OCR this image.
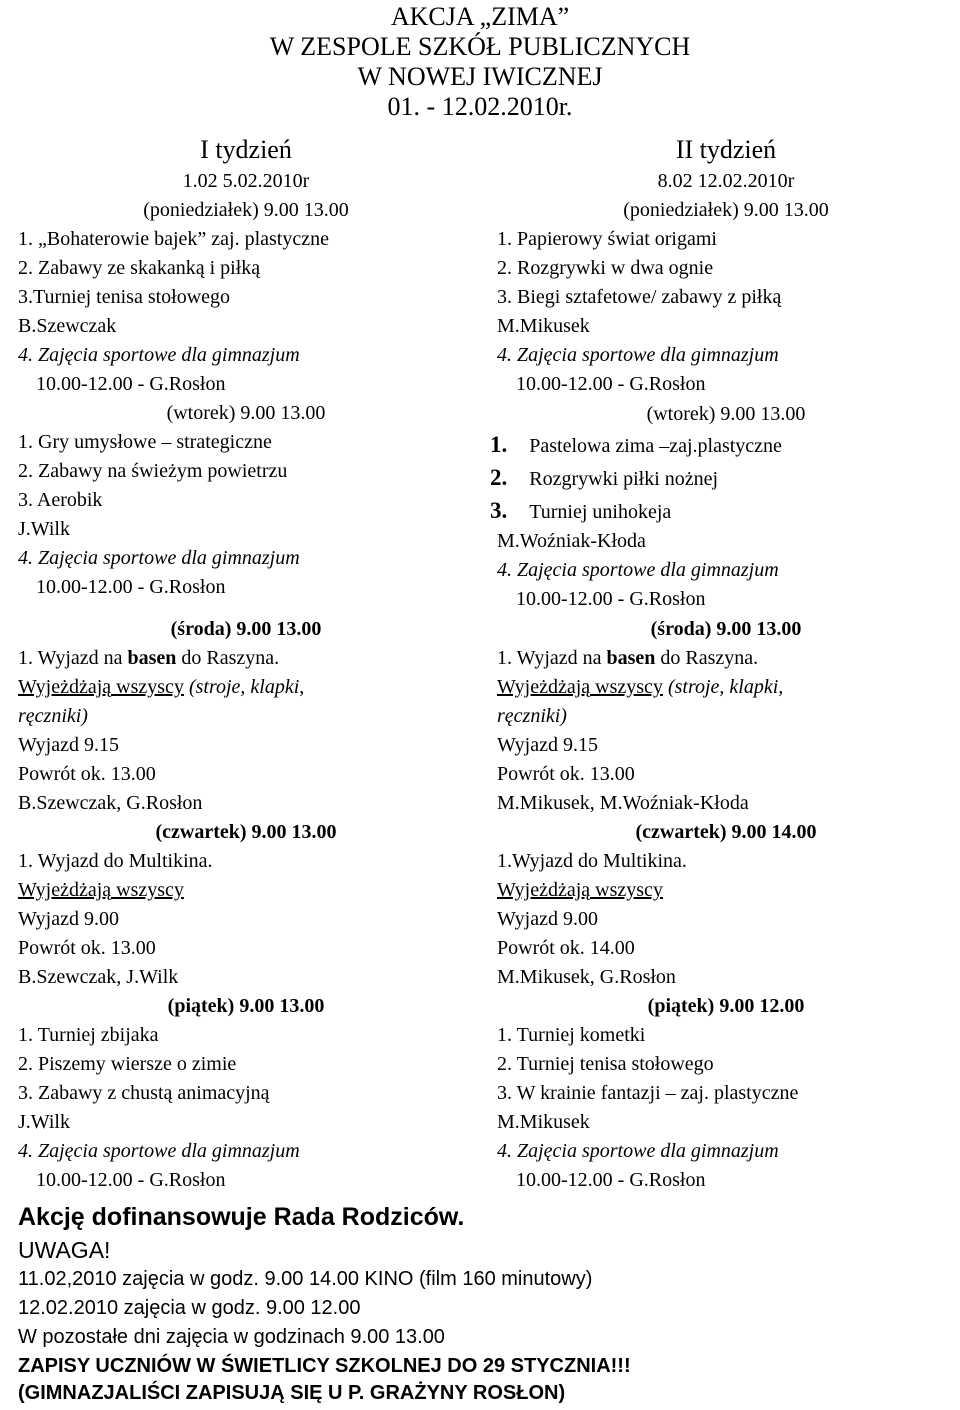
AKCJA „ZIMA”
W ZESPOLE SZKÓŁ PUBLICZNYCH
W NOWEJ IWICZNEJ
01. - 12.02.2010r.
I tydzień
1.02 5.02.2010r
(poniedziałek) 9.00 13.00
1. „Bohaterowie bajek” zaj. plastyczne
2. Zabawy ze skakanką i piłką
3.Turniej tenisa stołowego
B.Szewczak
4. Zajęcia sportowe dla gimnazjum
10.00-12.00 - G.Rosłon
(wtorek) 9.00 13.00
1. Gry umysłowe – strategiczne
2. Zabawy na świeżym powietrzu
3. Aerobik
J.Wilk
4. Zajęcia sportowe dla gimnazjum
10.00-12.00 - G.Rosłon
(środa) 9.00 13.00
1. Wyjazd na basen do Raszyna.
Wyjeżdżają wszyscy (stroje, klapki,
ręczniki)
Wyjazd 9.15
Powrót ok. 13.00
B.Szewczak, G.Rosłon
(czwartek) 9.00 13.00
1. Wyjazd do Multikina.
Wyjeżdżają wszyscy
Wyjazd 9.00
Powrót ok. 13.00
B.Szewczak, J.Wilk
(piątek) 9.00 13.00
1. Turniej zbijaka
2. Piszemy wiersze o zimie
3. Zabawy z chustą animacyjną
J.Wilk
4. Zajęcia sportowe dla gimnazjum
10.00-12.00 - G.Rosłon
II tydzień
8.02 12.02.2010r
(poniedziałek) 9.00 13.00
1. Papierowy świat origami
2. Rozgrywki w dwa ognie
3. Biegi sztafetowe/ zabawy z piłką
M.Mikusek
4. Zajęcia sportowe dla gimnazjum
10.00-12.00 - G.Rosłon
(wtorek) 9.00 13.00
1. Pastelowa zima –zaj.plastyczne
2. Rozgrywki piłki nożnej
3. Turniej unihokeja
M.Woźniak-Kłoda
4. Zajęcia sportowe dla gimnazjum
10.00-12.00 - G.Rosłon
(środa) 9.00 13.00
1. Wyjazd na basen do Raszyna.
Wyjeżdżają wszyscy (stroje, klapki,
ręczniki)
Wyjazd 9.15
Powrót ok. 13.00
M.Mikusek, M.Woźniak-Kłoda
(czwartek) 9.00 14.00
1.Wyjazd do Multikina.
Wyjeżdżają wszyscy
Wyjazd 9.00
Powrót ok. 14.00
M.Mikusek, G.Rosłon
(piątek) 9.00 12.00
1. Turniej kometki
2. Turniej tenisa stołowego
3. W krainie fantazji – zaj. plastyczne
M.Mikusek
4. Zajęcia sportowe dla gimnazjum
10.00-12.00 - G.Rosłon
Akcję dofinansowuje Rada Rodziców.
UWAGA!
11.02,2010 zajęcia w godz. 9.00 14.00 KINO (film 160 minutowy)
12.02.2010 zajęcia w godz. 9.00 12.00
W pozostałe dni zajęcia w godzinach 9.00 13.00
ZAPISY UCZNIÓW W ŚWIETLICY SZKOLNEJ DO 29 STYCZNIA!!!
(GIMNAZJALIŚCI ZAPISUJĄ SIĘ U P. GRAŻYNY ROSŁON)
